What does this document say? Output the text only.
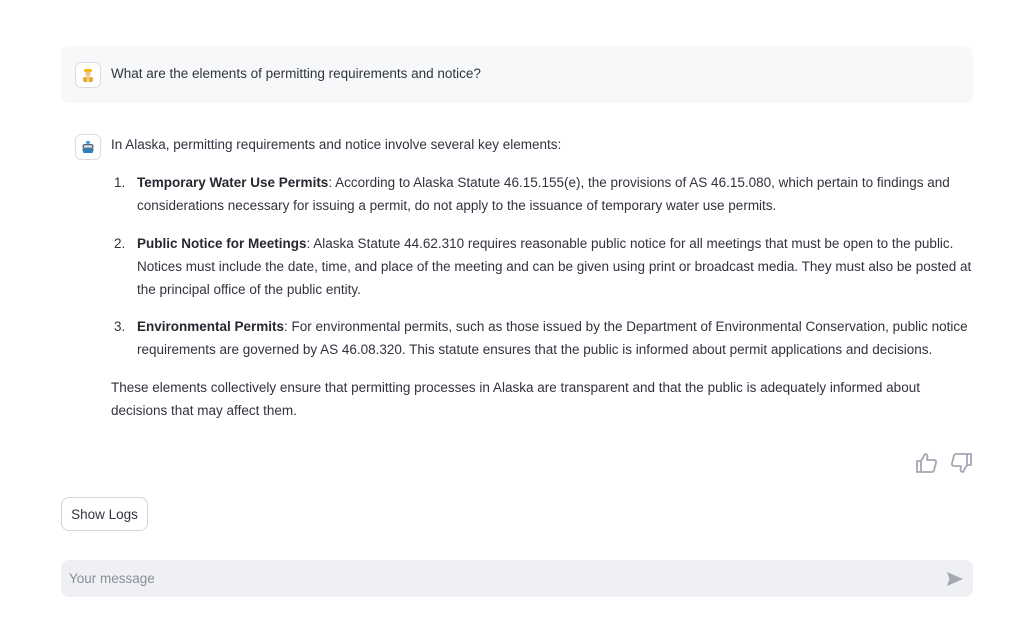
What are the elements of permitting requirements and notice?

In Alaska, permitting requirements and notice involve several key elements:

1. Temporary Water Use Permits: According to Alaska Statute 46.15.155(e), the provisions of AS 46.15.080, which pertain to findings and considerations necessary for issuing a permit, do not apply to the issuance of temporary water use permits.
2. Public Notice for Meetings: Alaska Statute 44.62.310 requires reasonable public notice for all meetings that must be open to the public. Notices must include the date, time, and place of the meeting and can be given using print or broadcast media. They must also be posted at the principal office of the public entity.
3. Environmental Permits: For environmental permits, such as those issued by the Department of Environmental Conservation, public notice requirements are governed by AS 46.08.320. This statute ensures that the public is informed about permit applications and decisions.

These elements collectively ensure that permitting processes in Alaska are transparent and that the public is adequately informed about decisions that may affect them.

Show Logs
Your message
